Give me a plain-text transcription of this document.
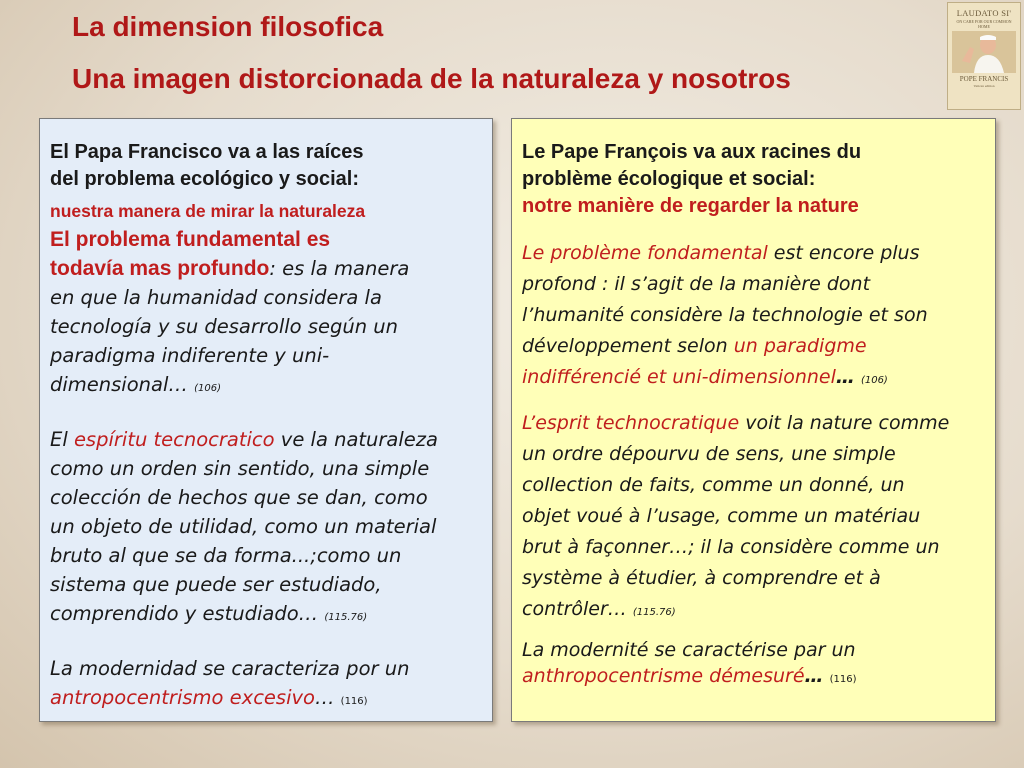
La dimension filosofica
Una imagen distorcionada de la naturaleza y nosotros
LAUDATO SI'
ON CARE FOR OUR COMMON HOME
POPE FRANCIS
Vatican edition

El Papa Francisco va a las raíces

del problema ecológico y social:

nuestra manera de mirar la naturaleza

El problema fundamental es

todavía mas profundo: es la manera

en que la humanidad considera la

tecnología y su desarrollo según un

paradigma indiferente y uni-

dimensional… (106)

El espíritu tecnocratico ve la naturaleza

como un orden sin sentido, una simple

colección de hechos que se dan, como

un objeto de utilidad, como un material

bruto al que se da forma...;como un

sistema que puede ser estudiado,

comprendido y estudiado… (115.76)

La modernidad se caracteriza por un

antropocentrismo excesivo… (116)

Le Pape François va aux racines du

problème écologique et social:

notre manière de regarder la nature

Le problème fondamental est encore plus

profond : il s’agit de la manière dont

l’humanité considère la technologie et son

développement selon un paradigme

indifférencié et uni-dimensionnel… (106)

L’esprit technocratique voit la nature comme

un ordre dépourvu de sens, une simple

collection de faits, comme un donné, un

objet voué à l’usage, comme un matériau

brut à façonner…; il la considère comme un

système à étudier, à comprendre et à

contrôler… (115.76)

La modernité se caractérise par un

anthropocentrisme démesuré… (116)
